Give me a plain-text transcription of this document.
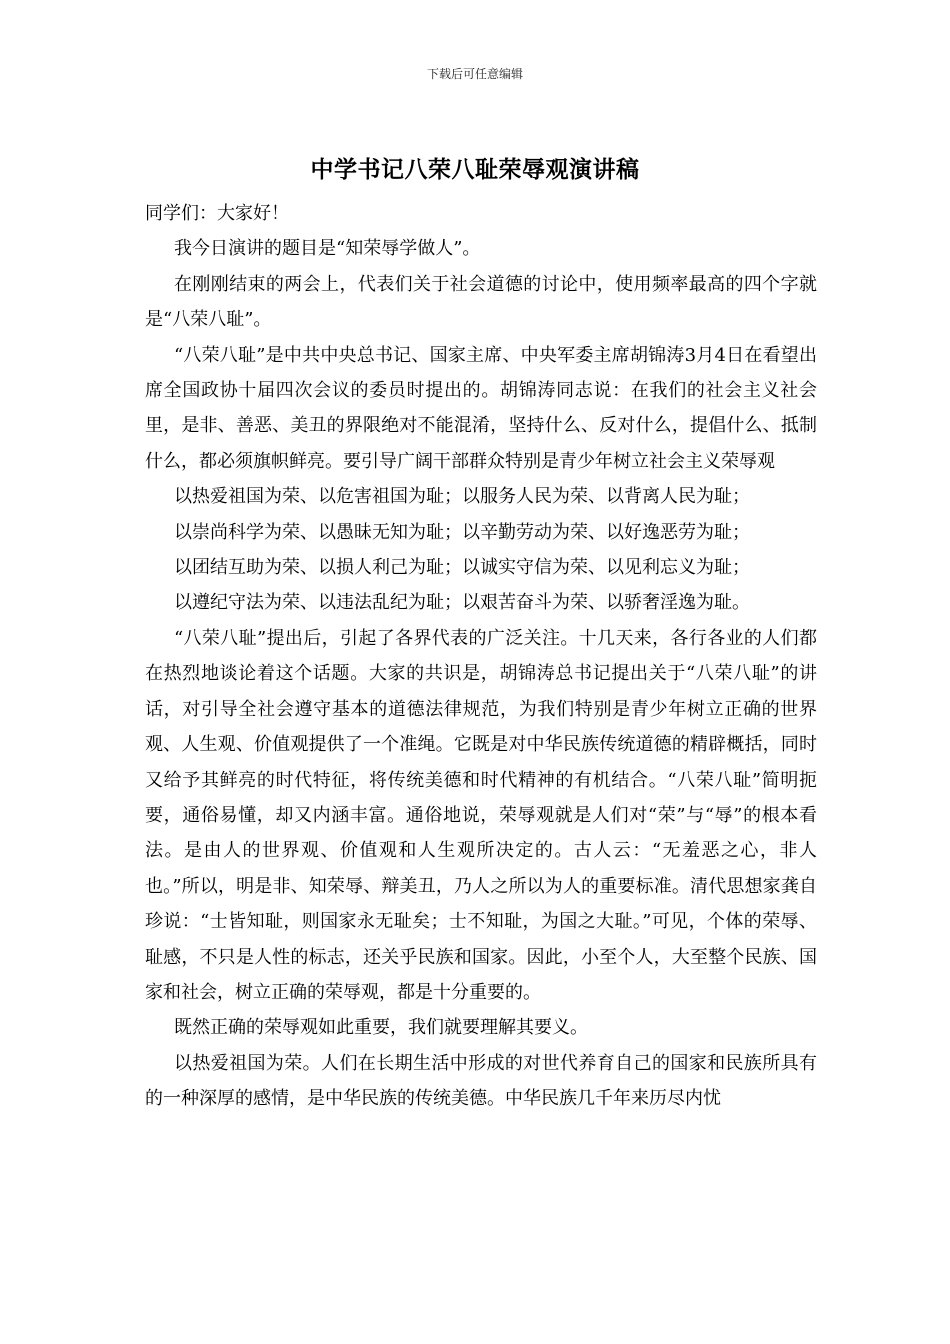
下载后可任意编辑
中学书记八荣八耻荣辱观演讲稿

同学们：大家好！

我今日演讲的题目是“知荣辱学做人”。

在刚刚结束的两会上，代表们关于社会道德的讨论中，使用频率最高的四个字就是“八荣八耻”。

“八荣八耻”是中共中央总书记、国家主席、中央军委主席胡锦涛3月4日在看望出席全国政协十届四次会议的委员时提出的。胡锦涛同志说：在我们的社会主义社会里，是非、善恶、美丑的界限绝对不能混淆，坚持什么、反对什么，提倡什么、抵制什么，都必须旗帜鲜亮。要引导广阔干部群众特别是青少年树立社会主义荣辱观

以热爱祖国为荣、以危害祖国为耻；以服务人民为荣、以背离人民为耻；

以崇尚科学为荣、以愚昧无知为耻；以辛勤劳动为荣、以好逸恶劳为耻；

以团结互助为荣、以损人利己为耻；以诚实守信为荣、以见利忘义为耻；

以遵纪守法为荣、以违法乱纪为耻；以艰苦奋斗为荣、以骄奢淫逸为耻。

“八荣八耻”提出后，引起了各界代表的广泛关注。十几天来，各行各业的人们都在热烈地谈论着这个话题。大家的共识是，胡锦涛总书记提出关于“八荣八耻”的讲话，对引导全社会遵守基本的道德法律规范，为我们特别是青少年树立正确的世界观、人生观、价值观提供了一个准绳。它既是对中华民族传统道德的精辟概括，同时又给予其鲜亮的时代特征，将传统美德和时代精神的有机结合。“八荣八耻”简明扼要，通俗易懂，却又内涵丰富。通俗地说，荣辱观就是人们对“荣”与“辱”的根本看法。是由人的世界观、价值观和人生观所决定的。古人云：“无羞恶之心，非人也。”所以，明是非、知荣辱、辩美丑，乃人之所以为人的重要标准。清代思想家龚自珍说：“士皆知耻，则国家永无耻矣；士不知耻，为国之大耻。”可见，个体的荣辱、耻感，不只是人性的标志，还关乎民族和国家。因此，小至个人，大至整个民族、国家和社会，树立正确的荣辱观，都是十分重要的。

既然正确的荣辱观如此重要，我们就要理解其要义。

以热爱祖国为荣。人们在长期生活中形成的对世代养育自己的国家和民族所具有的一种深厚的感情，是中华民族的传统美德。中华民族几千年来历尽内忧
